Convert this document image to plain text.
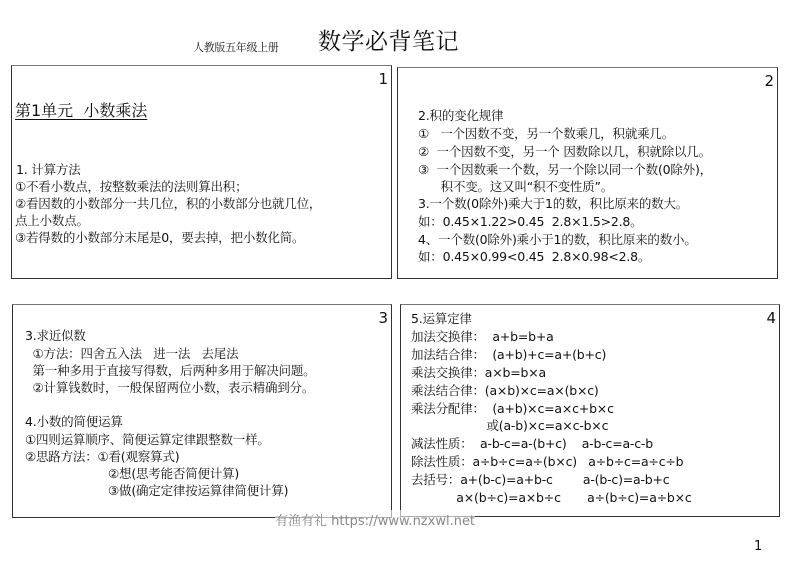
人教版五年级上册 数学必背笔记
1
第1单元  小数乘法
1. 计算方法
①不看小数点，按整数乘法的法则算出积；
②看因数的小数部分一共几位，积的小数部分也就几位，
点上小数点。
③若得数的小数部分末尾是0，要去掉，把小数化简。
2
2.积的变化规律
①   一个因数不变，另一个数乘几，积就乘几。
②  一个因数不变，另一个 因数除以几，积就除以几。
③  一个因数乘一个数，另一个除以同一个数(0除外)，
积不变。这又叫“积不变性质”。
3.一个数(0除外)乘大于1的数，积比原来的数大。
如：0.45×1.22>0.45  2.8×1.5>2.8。
4、一个数(0除外)乘小于1的数，积比原来的数小。
如：0.45×0.99<0.45  2.8×0.98<2.8。
3
3.求近似数
①方法：四舍五入法   进一法   去尾法
第一种多用于直接写得数，后两种多用于解决问题。
②计算钱数时，一般保留两位小数，表示精确到分。
4.小数的简便运算
①四则运算顺序、简便运算定律跟整数一样。
②思路方法：①看(观察算式)
②想(思考能否简便计算)
③做(确定定律按运算律简便计算)
4
5.运算定律
加法交换律：  a+b=b+a
加法结合律：  (a+b)+c=a+(b+c)
乘法交换律：a×b=b×a
乘法结合律：(a×b)×c=a×(b×c)
乘法分配律：  (a+b)×c=a×c+b×c
或(a-b)×c=a×c-b×c
减法性质：  a-b-c=a-(b+c)    a-b-c=a-c-b
除法性质：a÷b÷c=a÷(b×c)   a÷b÷c=a÷c÷b
去括号：a+(b-c)=a+b-c        a-(b-c)=a-b+c
a×(b÷c)=a×b÷c       a÷(b÷c)=a÷b×c
有渔有礼 https://www.nzxwl.net
1
